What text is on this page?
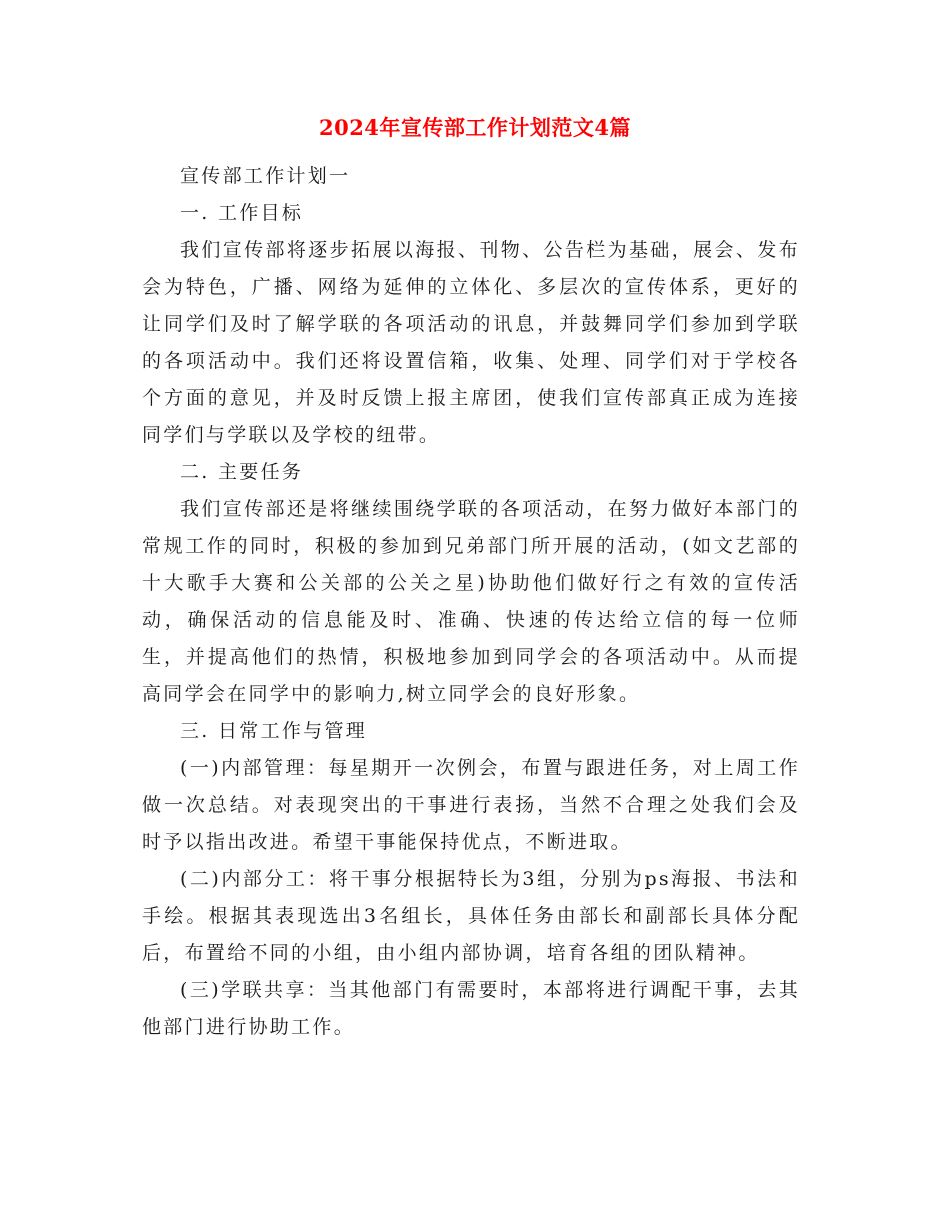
2024年宣传部工作计划范文4篇

宣传部工作计划一

一. 工作目标

我们宣传部将逐步拓展以海报、刊物、公告栏为基础，展会、发布会为特色，广播、网络为延伸的立体化、多层次的宣传体系，更好的让同学们及时了解学联的各项活动的讯息，并鼓舞同学们参加到学联的各项活动中。我们还将设置信箱，收集、处理、同学们对于学校各个方面的意见，并及时反馈上报主席团，使我们宣传部真正成为连接同学们与学联以及学校的纽带。

二. 主要任务

我们宣传部还是将继续围绕学联的各项活动，在努力做好本部门的常规工作的同时，积极的参加到兄弟部门所开展的活动，(如文艺部的十大歌手大赛和公关部的公关之星)协助他们做好行之有效的宣传活动，确保活动的信息能及时、准确、快速的传达给立信的每一位师生，并提高他们的热情，积极地参加到同学会的各项活动中。从而提高同学会在同学中的影响力,树立同学会的良好形象。

三. 日常工作与管理

(一)内部管理：每星期开一次例会，布置与跟进任务，对上周工作做一次总结。对表现突出的干事进行表扬，当然不合理之处我们会及时予以指出改进。希望干事能保持优点，不断进取。

(二)内部分工：将干事分根据特长为3组，分别为ps海报、书法和手绘。根据其表现选出3名组长，具体任务由部长和副部长具体分配后，布置给不同的小组，由小组内部协调，培育各组的团队精神。

(三)学联共享：当其他部门有需要时，本部将进行调配干事，去其他部门进行协助工作。
